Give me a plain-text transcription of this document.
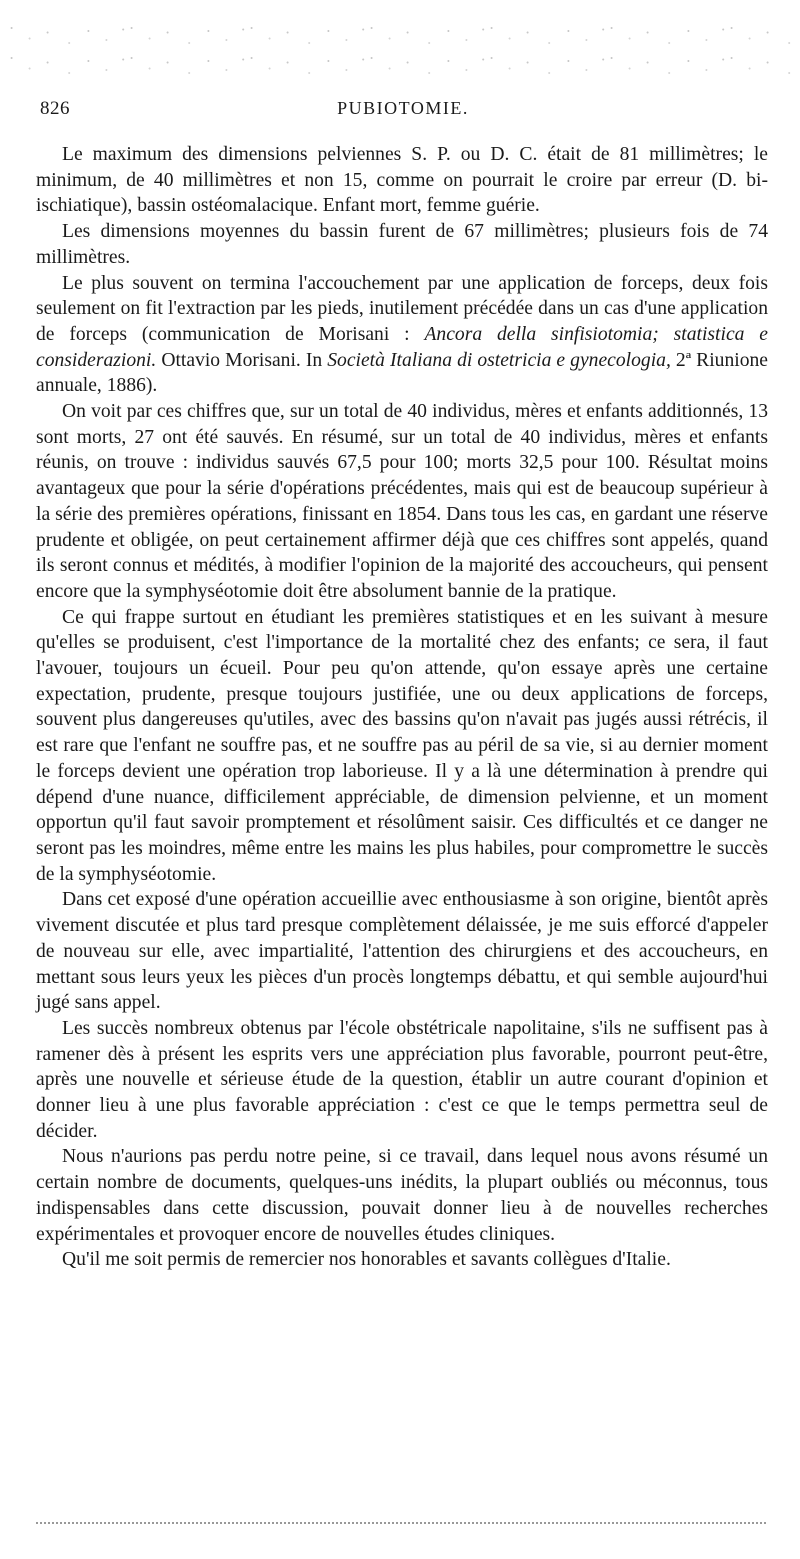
826	PUBIOTOMIE.

Le maximum des dimensions pelviennes S. P. ou D. C. était de 81 millimètres; le minimum, de 40 millimètres et non 15, comme on pourrait le croire par erreur (D. bi-ischiatique), bassin ostéomalacique. Enfant mort, femme guérie.

Les dimensions moyennes du bassin furent de 67 millimètres; plusieurs fois de 74 millimètres.

Le plus souvent on termina l'accouchement par une application de forceps, deux fois seulement on fit l'extraction par les pieds, inutilement précédée dans un cas d'une application de forceps (communication de Morisani : Ancora della sinfisiotomia; statistica e considerazioni. Ottavio Morisani. In Società Italiana di ostetricia e gynecologia, 2ª Riunione annuale, 1886).

On voit par ces chiffres que, sur un total de 40 individus, mères et enfants additionnés, 13 sont morts, 27 ont été sauvés. En résumé, sur un total de 40 individus, mères et enfants réunis, on trouve : individus sauvés 67,5 pour 100; morts 32,5 pour 100. Résultat moins avantageux que pour la série d'opérations précédentes, mais qui est de beaucoup supérieur à la série des premières opérations, finissant en 1854. Dans tous les cas, en gardant une réserve prudente et obligée, on peut certainement affirmer déjà que ces chiffres sont appelés, quand ils seront connus et médités, à modifier l'opinion de la majorité des accoucheurs, qui pensent encore que la symphyséotomie doit être absolument bannie de la pratique.

Ce qui frappe surtout en étudiant les premières statistiques et en les suivant à mesure qu'elles se produisent, c'est l'importance de la mortalité chez des enfants; ce sera, il faut l'avouer, toujours un écueil. Pour peu qu'on attende, qu'on essaye après une certaine expectation, prudente, presque toujours justifiée, une ou deux applications de forceps, souvent plus dangereuses qu'utiles, avec des bassins qu'on n'avait pas jugés aussi rétrécis, il est rare que l'enfant ne souffre pas, et ne souffre pas au péril de sa vie, si au dernier moment le forceps devient une opération trop laborieuse. Il y a là une détermination à prendre qui dépend d'une nuance, difficilement appréciable, de dimension pelvienne, et un moment opportun qu'il faut savoir promptement et résolûment saisir. Ces difficultés et ce danger ne seront pas les moindres, même entre les mains les plus habiles, pour compromettre le succès de la symphyséotomie.

Dans cet exposé d'une opération accueillie avec enthousiasme à son origine, bientôt après vivement discutée et plus tard presque complètement délaissée, je me suis efforcé d'appeler de nouveau sur elle, avec impartialité, l'attention des chirurgiens et des accoucheurs, en mettant sous leurs yeux les pièces d'un procès longtemps débattu, et qui semble aujourd'hui jugé sans appel.

Les succès nombreux obtenus par l'école obstétricale napolitaine, s'ils ne suffisent pas à ramener dès à présent les esprits vers une appréciation plus favorable, pourront peut-être, après une nouvelle et sérieuse étude de la question, établir un autre courant d'opinion et donner lieu à une plus favorable appréciation : c'est ce que le temps permettra seul de décider.

Nous n'aurions pas perdu notre peine, si ce travail, dans lequel nous avons résumé un certain nombre de documents, quelques-uns inédits, la plupart oubliés ou méconnus, tous indispensables dans cette discussion, pouvait donner lieu à de nouvelles recherches expérimentales et provoquer encore de nouvelles études cliniques.

Qu'il me soit permis de remercier nos honorables et savants collègues d'Italie.
